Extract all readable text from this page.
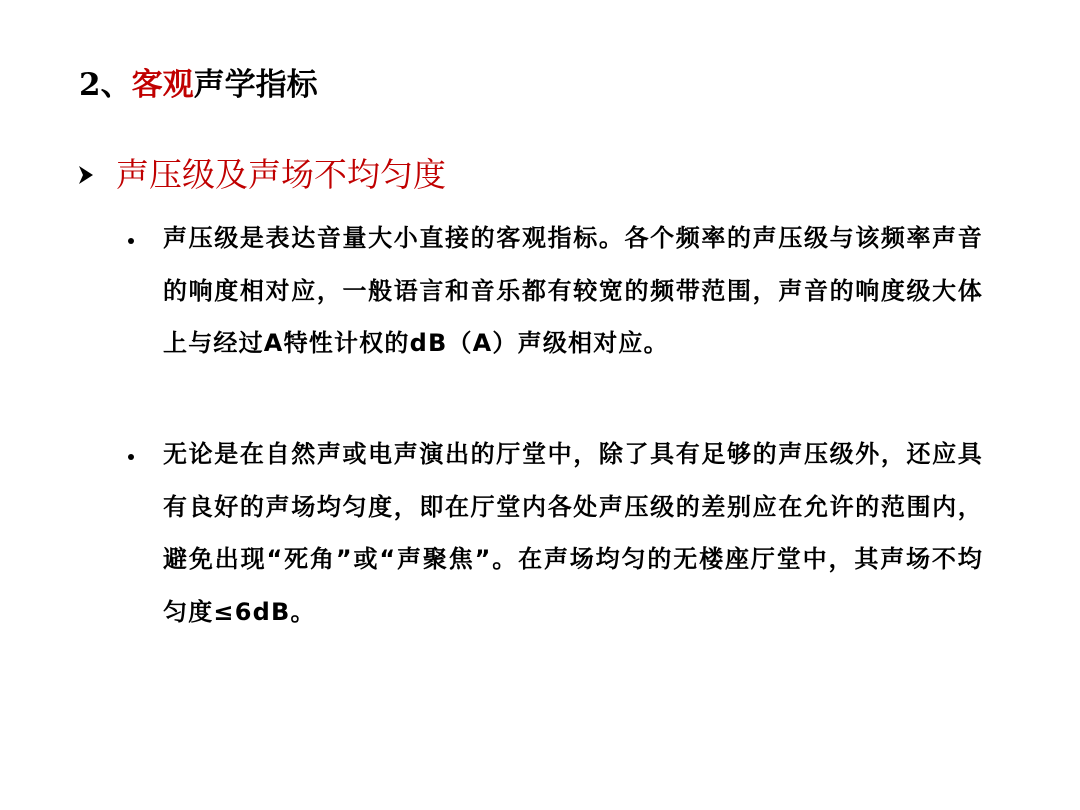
2、客观声学指标
声压级及声场不均匀度
声压级是表达音量大小直接的客观指标。各个频率的声压级与该频率声音的响度相对应，一般语言和音乐都有较宽的频带范围，声音的响度级大体上与经过A特性计权的dB（A）声级相对应。
无论是在自然声或电声演出的厅堂中，除了具有足够的声压级外，还应具有良好的声场均匀度，即在厅堂内各处声压级的差别应在允许的范围内，避免出现“死角”或“声聚焦”。在声场均匀的无楼座厅堂中，其声场不均匀度≤6dB。
